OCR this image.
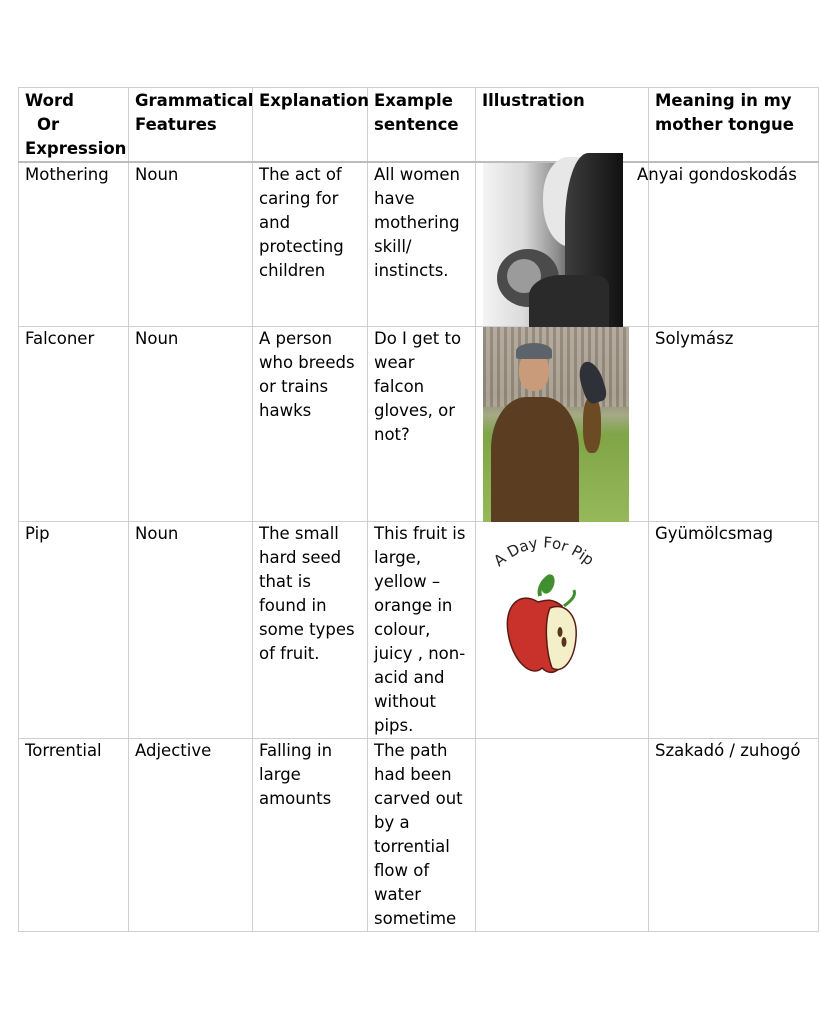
Word
Or
Expression	Grammatical Features	Explanation	Example sentence	Illustration	Meaning in my mother tongue
Mothering	Noun	The act of caring for and protecting children	All women have mothering skill/ instincts.		Anyai gondoskodás

Falconer	Noun	A person who breeds or trains hawks	Do I get to wear falcon gloves, or not?		Solymász
Pip	Noun	The small hard seed that is found in some types of fruit.	This fruit is large, yellow – orange in colour, juicy , non-acid and without pips.	A Day For Pip	Gyümölcsmag
Torrential	Adjective	Falling in large amounts	The path had been carved out by a torrential flow of water sometime		Szakadó / zuhogó
